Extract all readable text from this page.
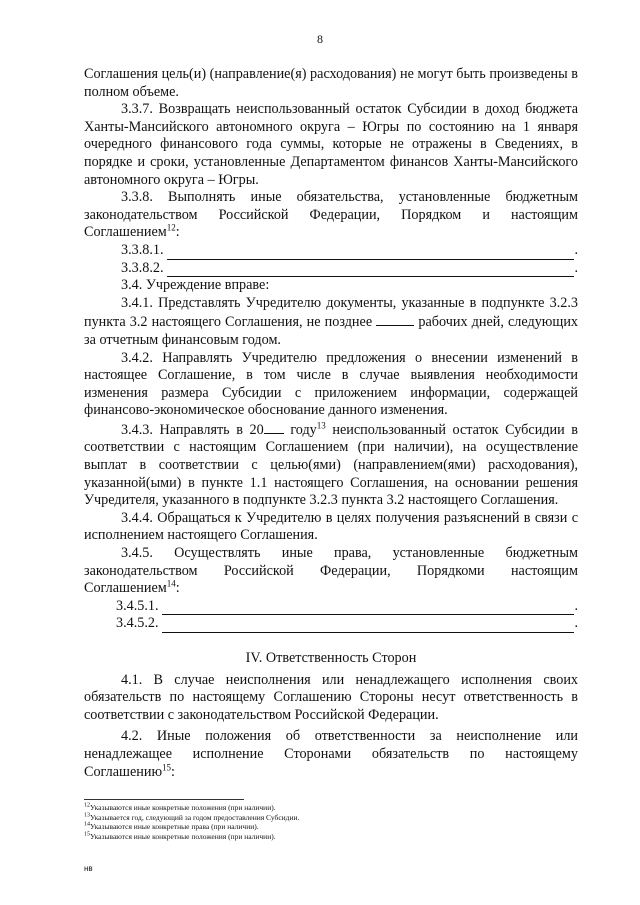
8

Соглашения цель(и) (направление(я) расходования) не могут быть произведены в полном объеме.

3.3.7. Возвращать неиспользованный остаток Субсидии в доход бюджета Ханты-Мансийского автономного округа – Югры по состоянию на 1 января очередного финансового года суммы, которые не отражены в Сведениях, в порядке и сроки, установленные Департаментом финансов Ханты-Мансийского автономного округа – Югры.

3.3.8. Выполнять иные обязательства, установленные бюджетным законодательством Российской Федерации, Порядком и настоящим Соглашением$^{12}$:

3.3.8.1.	.
3.3.8.2.	.

3.4. Учреждение вправе:

3.4.1. Представлять Учредителю документы, указанные в подпункте 3.2.3 пункта 3.2 настоящего Соглашения, не позднее	рабочих дней, следующих за отчетным финансовым годом.

3.4.2. Направлять Учредителю предложения о внесении изменений в настоящее Соглашение, в том числе в случае выявления необходимости изменения размера Субсидии с приложением информации, содержащей финансово-экономическое обоснование данного изменения.

3.4.3. Направлять в 20 году$^{13}$ неиспользованный остаток Субсидии в соответствии с настоящим Соглашением (при наличии), на осуществление выплат в соответствии с целью(ями) (направлением(ями) расходования), указанной(ыми) в пункте 1.1 настоящего Соглашения, на основании решения Учредителя, указанного в подпункте 3.2.3 пункта 3.2 настоящего Соглашения.

3.4.4. Обращаться к Учредителю в целях получения разъяснений в связи с исполнением настоящего Соглашения.

3.4.5. Осуществлять иные права, установленные бюджетным законодательством Российской Федерации, Порядкоми настоящим Соглашением$^{14}$:

3.4.5.1.	.
3.4.5.2.	.

IV. Ответственность Сторон

4.1. В случае неисполнения или ненадлежащего исполнения своих обязательств по настоящему Соглашению Стороны несут ответственность в соответствии с законодательством Российской Федерации.

4.2. Иные положения об ответственности за неисполнение или ненадлежащее исполнение Сторонами обязательств по настоящему Соглашению$^{15}$:

$^{12}$Указываются иные конкретные положения (при наличии).
$^{13}$Указывается год, следующий за годом предоставления Субсидии.
$^{14}$Указываются иные конкретные права (при наличии).
$^{15}$Указываются иные конкретные положения (при наличии).
нв
